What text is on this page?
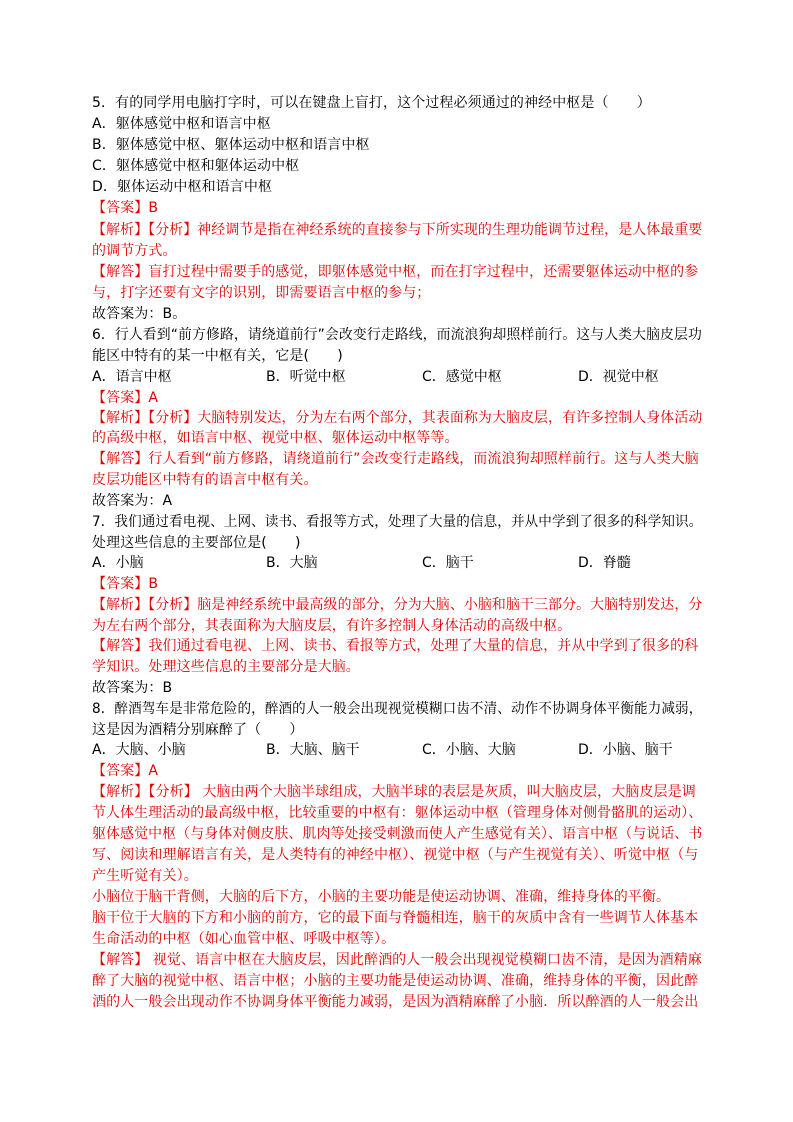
5．有的同学用电脑打字时，可以在键盘上盲打，这个过程必须通过的神经中枢是（　　）
A．躯体感觉中枢和语言中枢
B．躯体感觉中枢、躯体运动中枢和语言中枢
C．躯体感觉中枢和躯体运动中枢
D．躯体运动中枢和语言中枢
【答案】B
【解析】【分析】神经调节是指在神经系统的直接参与下所实现的生理功能调节过程，是人体最重要
的调节方式。
【解答】盲打过程中需要手的感觉，即躯体感觉中枢，而在打字过程中，还需要躯体运动中枢的参
与，打字还要有文字的识别，即需要语言中枢的参与；
故答案为：B。
6．行人看到“前方修路，请绕道前行”会改变行走路线，而流浪狗却照样前行。这与人类大脑皮层功
能区中特有的某一中枢有关，它是(　　)
A．语言中枢	B．听觉中枢	C．感觉中枢	D．视觉中枢
【答案】A
【解析】【分析】大脑特别发达，分为左右两个部分，其表面称为大脑皮层，有许多控制人身体活动
的高级中枢，如语言中枢、视觉中枢、躯体运动中枢等等。
【解答】行人看到“前方修路，请绕道前行”会改变行走路线，而流浪狗却照样前行。这与人类大脑
皮层功能区中特有的语言中枢有关。
故答案为：A
7．我们通过看电视、上网、读书、看报等方式，处理了大量的信息，并从中学到了很多的科学知识。
处理这些信息的主要部位是(　　)
A．小脑	B．大脑	C．脑干	D．脊髓
【答案】B
【解析】【分析】脑是神经系统中最高级的部分，分为大脑、小脑和脑干三部分。大脑特别发达，分
为左右两个部分，其表面称为大脑皮层，有许多控制人身体活动的高级中枢。
【解答】我们通过看电视、上网、读书、看报等方式，处理了大量的信息，并从中学到了很多的科
学知识。处理这些信息的主要部分是大脑。
故答案为：B
8．醉酒驾车是非常危险的，醉酒的人一般会出现视觉模糊口齿不清、动作不协调身体平衡能力减弱，
这是因为酒精分别麻醉了（　　）
A．大脑、小脑	B．大脑、脑干	C．小脑、大脑	D．小脑、脑干
【答案】A
【解析】【分析】 大脑由两个大脑半球组成，大脑半球的表层是灰质，叫大脑皮层，大脑皮层是调
节人体生理活动的最高级中枢，比较重要的中枢有：躯体运动中枢（管理身体对侧骨骼肌的运动）、
躯体感觉中枢（与身体对侧皮肤、肌肉等处接受刺激而使人产生感觉有关）、语言中枢（与说话、书
写、阅读和理解语言有关，是人类特有的神经中枢）、视觉中枢（与产生视觉有关）、听觉中枢（与
产生听觉有关）。
小脑位于脑干背侧，大脑的后下方，小脑的主要功能是使运动协调、准确，维持身体的平衡。
脑干位于大脑的下方和小脑的前方，它的最下面与脊髓相连，脑干的灰质中含有一些调节人体基本
生命活动的中枢（如心血管中枢、呼吸中枢等）。
【解答】 视觉、语言中枢在大脑皮层，因此醉酒的人一般会出现视觉模糊口齿不清，是因为酒精麻
醉了大脑的视觉中枢、语言中枢；小脑的主要功能是使运动协调、准确，维持身体的平衡，因此醉
酒的人一般会出现动作不协调身体平衡能力减弱，是因为酒精麻醉了小脑．所以醉酒的人一般会出
